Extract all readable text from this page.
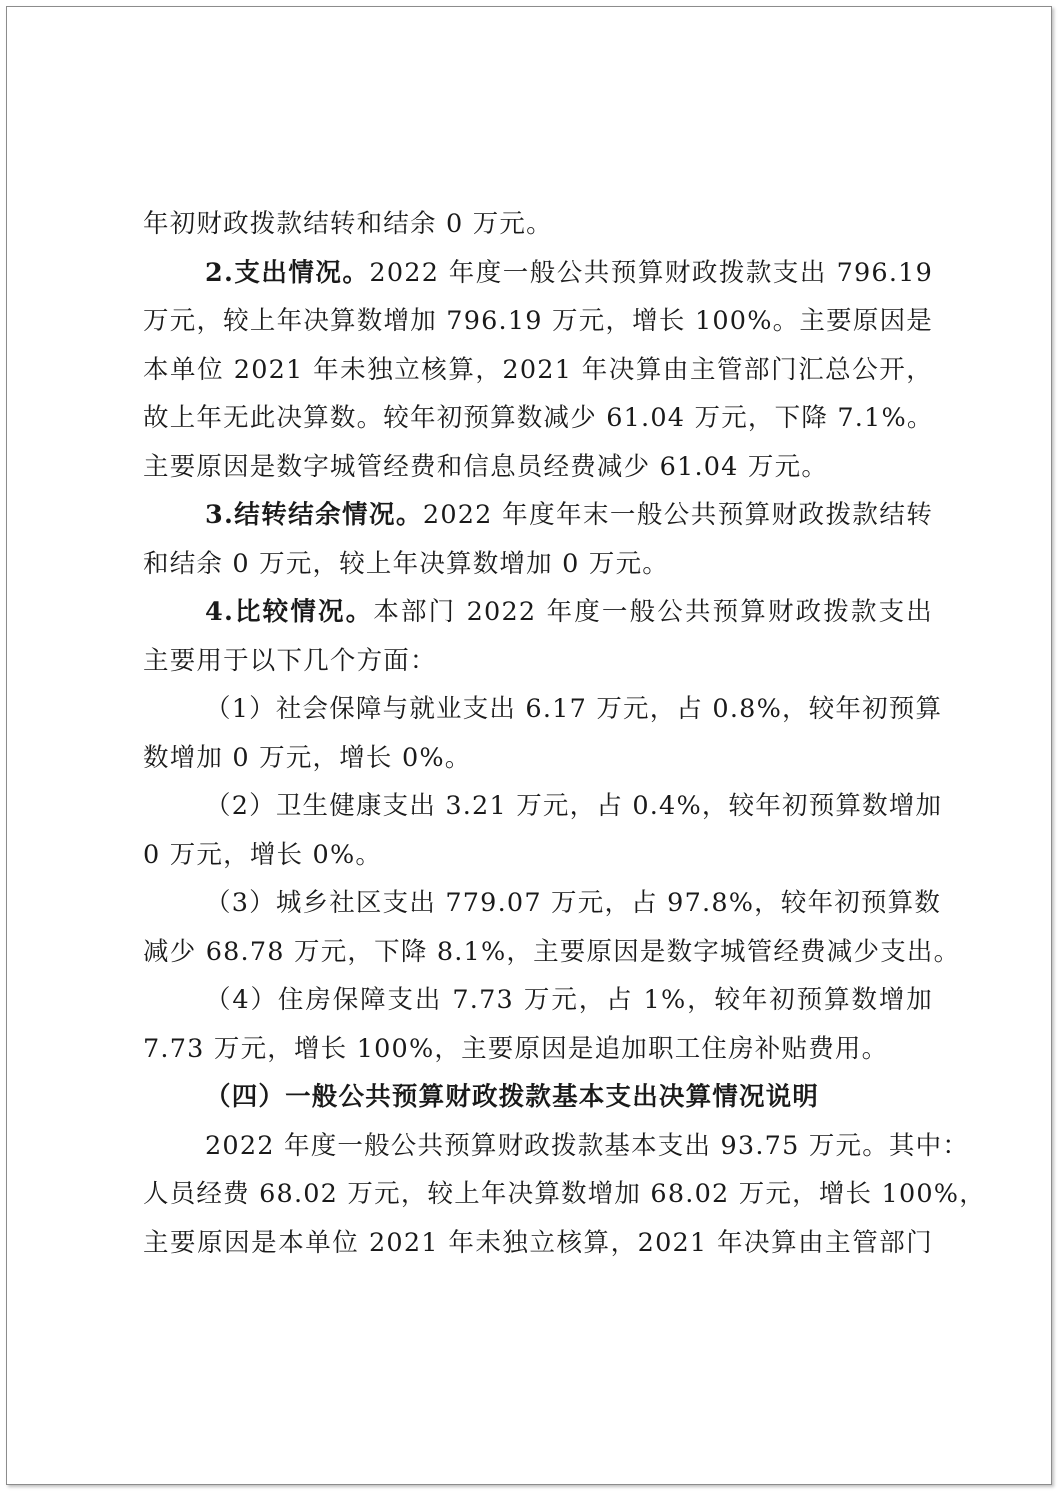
年初财政拨款结转和结余 0 万元。
2.支出情况。2022 年度一般公共预算财政拨款支出 796.19
万元，较上年决算数增加 796.19 万元，增长 100%。主要原因是
本单位 2021 年未独立核算，2021 年决算由主管部门汇总公开，
故上年无此决算数。较年初预算数减少 61.04 万元，下降 7.1%。
主要原因是数字城管经费和信息员经费减少 61.04 万元。
3.结转结余情况。2022 年度年末一般公共预算财政拨款结转
和结余 0 万元，较上年决算数增加 0 万元。
4.比较情况。本部门 2022 年度一般公共预算财政拨款支出
主要用于以下几个方面：
（1）社会保障与就业支出 6.17 万元，占 0.8%，较年初预算
数增加 0 万元，增长 0%。
（2）卫生健康支出 3.21 万元，占 0.4%，较年初预算数增加
0 万元，增长 0%。
（3）城乡社区支出 779.07 万元，占 97.8%，较年初预算数
减少 68.78 万元，下降 8.1%，主要原因是数字城管经费减少支出。
（4）住房保障支出 7.73 万元，占 1%，较年初预算数增加
7.73 万元，增长 100%，主要原因是追加职工住房补贴费用。
（四）一般公共预算财政拨款基本支出决算情况说明
2022 年度一般公共预算财政拨款基本支出 93.75 万元。其中：
人员经费 68.02 万元，较上年决算数增加 68.02 万元，增长 100%，
主要原因是本单位 2021 年未独立核算，2021 年决算由主管部门
